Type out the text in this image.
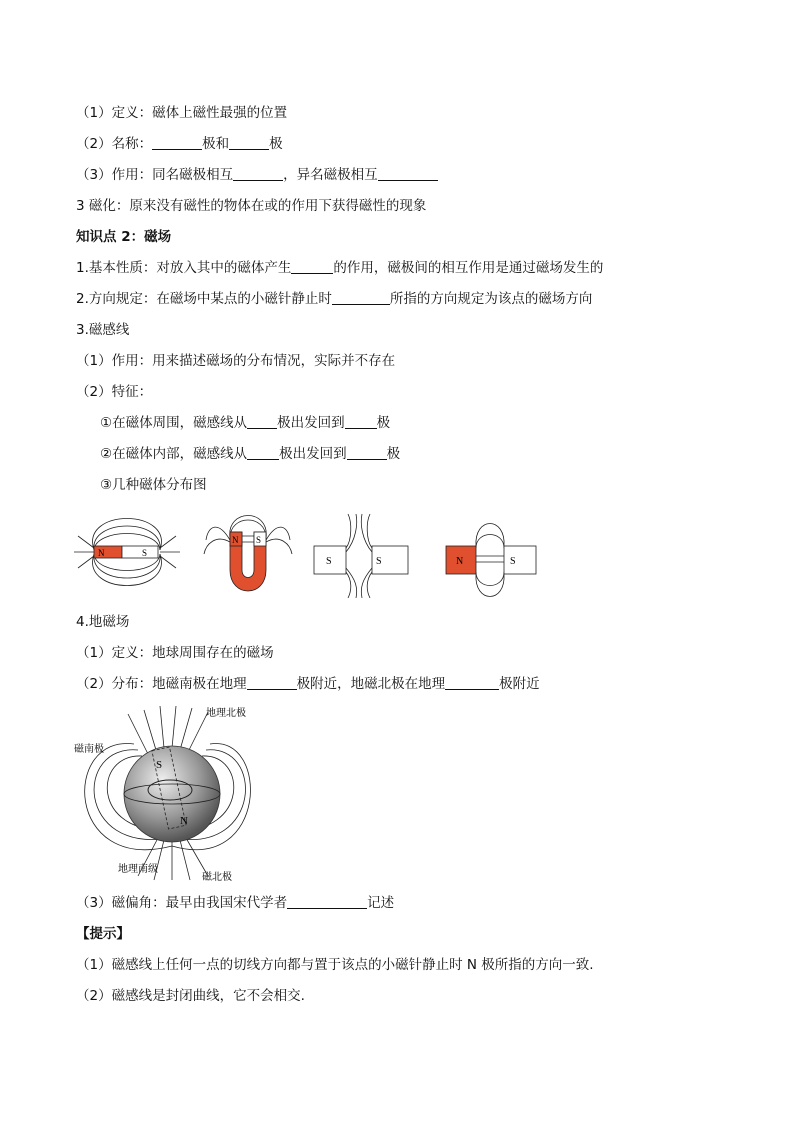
（1）定义：磁体上磁性最强的位置
（2）名称：	极和	极
（3）作用：同名磁极相互	，异名磁极相互
3 磁化：原来没有磁性的物体在或的作用下获得磁性的现象
知识点 2：磁场
1.基本性质：对放入其中的磁体产生	的作用，磁极间的相互作用是通过磁场发生的
2.方向规定：在磁场中某点的小磁针静止时	所指的方向规定为该点的磁场方向
3.磁感线
（1）作用：用来描述磁场的分布情况，实际并不存在
（2）特征：
①在磁体周围，磁感线从 极出发回到 极
②在磁体内部，磁感线从 极出发回到	极
③几种磁体分布图
N	S
N S
S	S	N	S
4.地磁场
（1）定义：地球周围存在的磁场
（2）分布：地磁南极在地理	极附近，地磁北极在地理	极附近
S
N
地理北极
磁南极
地理南级
磁北极
（3）磁偏角：最早由我国宋代学者	记述
【提示】
（1）磁感线上任何一点的切线方向都与置于该点的小磁针静止时 N 极所指的方向一致.
（2）磁感线是封闭曲线，它不会相交.
